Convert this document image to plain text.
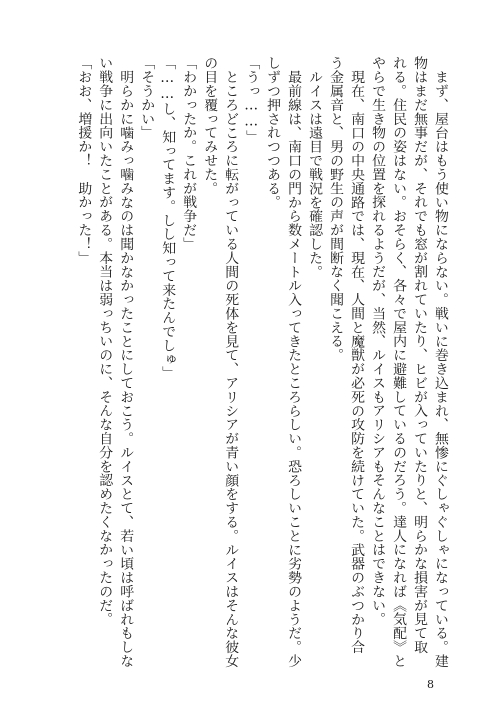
まず、屋台はもう使い物にならない。戦いに巻き込まれ、無惨にぐしゃぐしゃになっている。建
物はまだ無事だが、それでも窓が割れていたり、ヒビが入っていたりと、明らかな損害が見て取
れる。住民の姿はない。おそらく、各々で屋内に避難しているのだろう。達人になれば《気配》と
やらで生き物の位置を探れるようだが、当然、ルイスもアリシアもそんなことはできない。
現在、南口の中央通路では、現在、人間と魔獣が必死の攻防を続けていた。武器のぶつかり合
う金属音と、男の野生の声が間断なく聞こえる。
ルイスは遠目で戦況を確認した。
最前線は、南口の門から数メートル入ってきたところらしい。恐ろしいことに劣勢のようだ。少
しずつ押されつつある。
「うっ……」
ところどころに転がっている人間の死体を見て、アリシアが青い顔をする。ルイスはそんな彼女
の目を覆ってみせた。
「わかったか。これが戦争だ」
「……し、知ってます。しし知って来たんでしゅ」
「そうかい」
明らかに噛みっ噛みなのは聞かなかったことにしておこう。ルイスとて、若い頃は呼ばれもしな
い戦争に出向いたことがある。本当は弱っちいのに、そんな自分を認めたくなかったのだ。
「おお、増援か！　助かった！」
8
